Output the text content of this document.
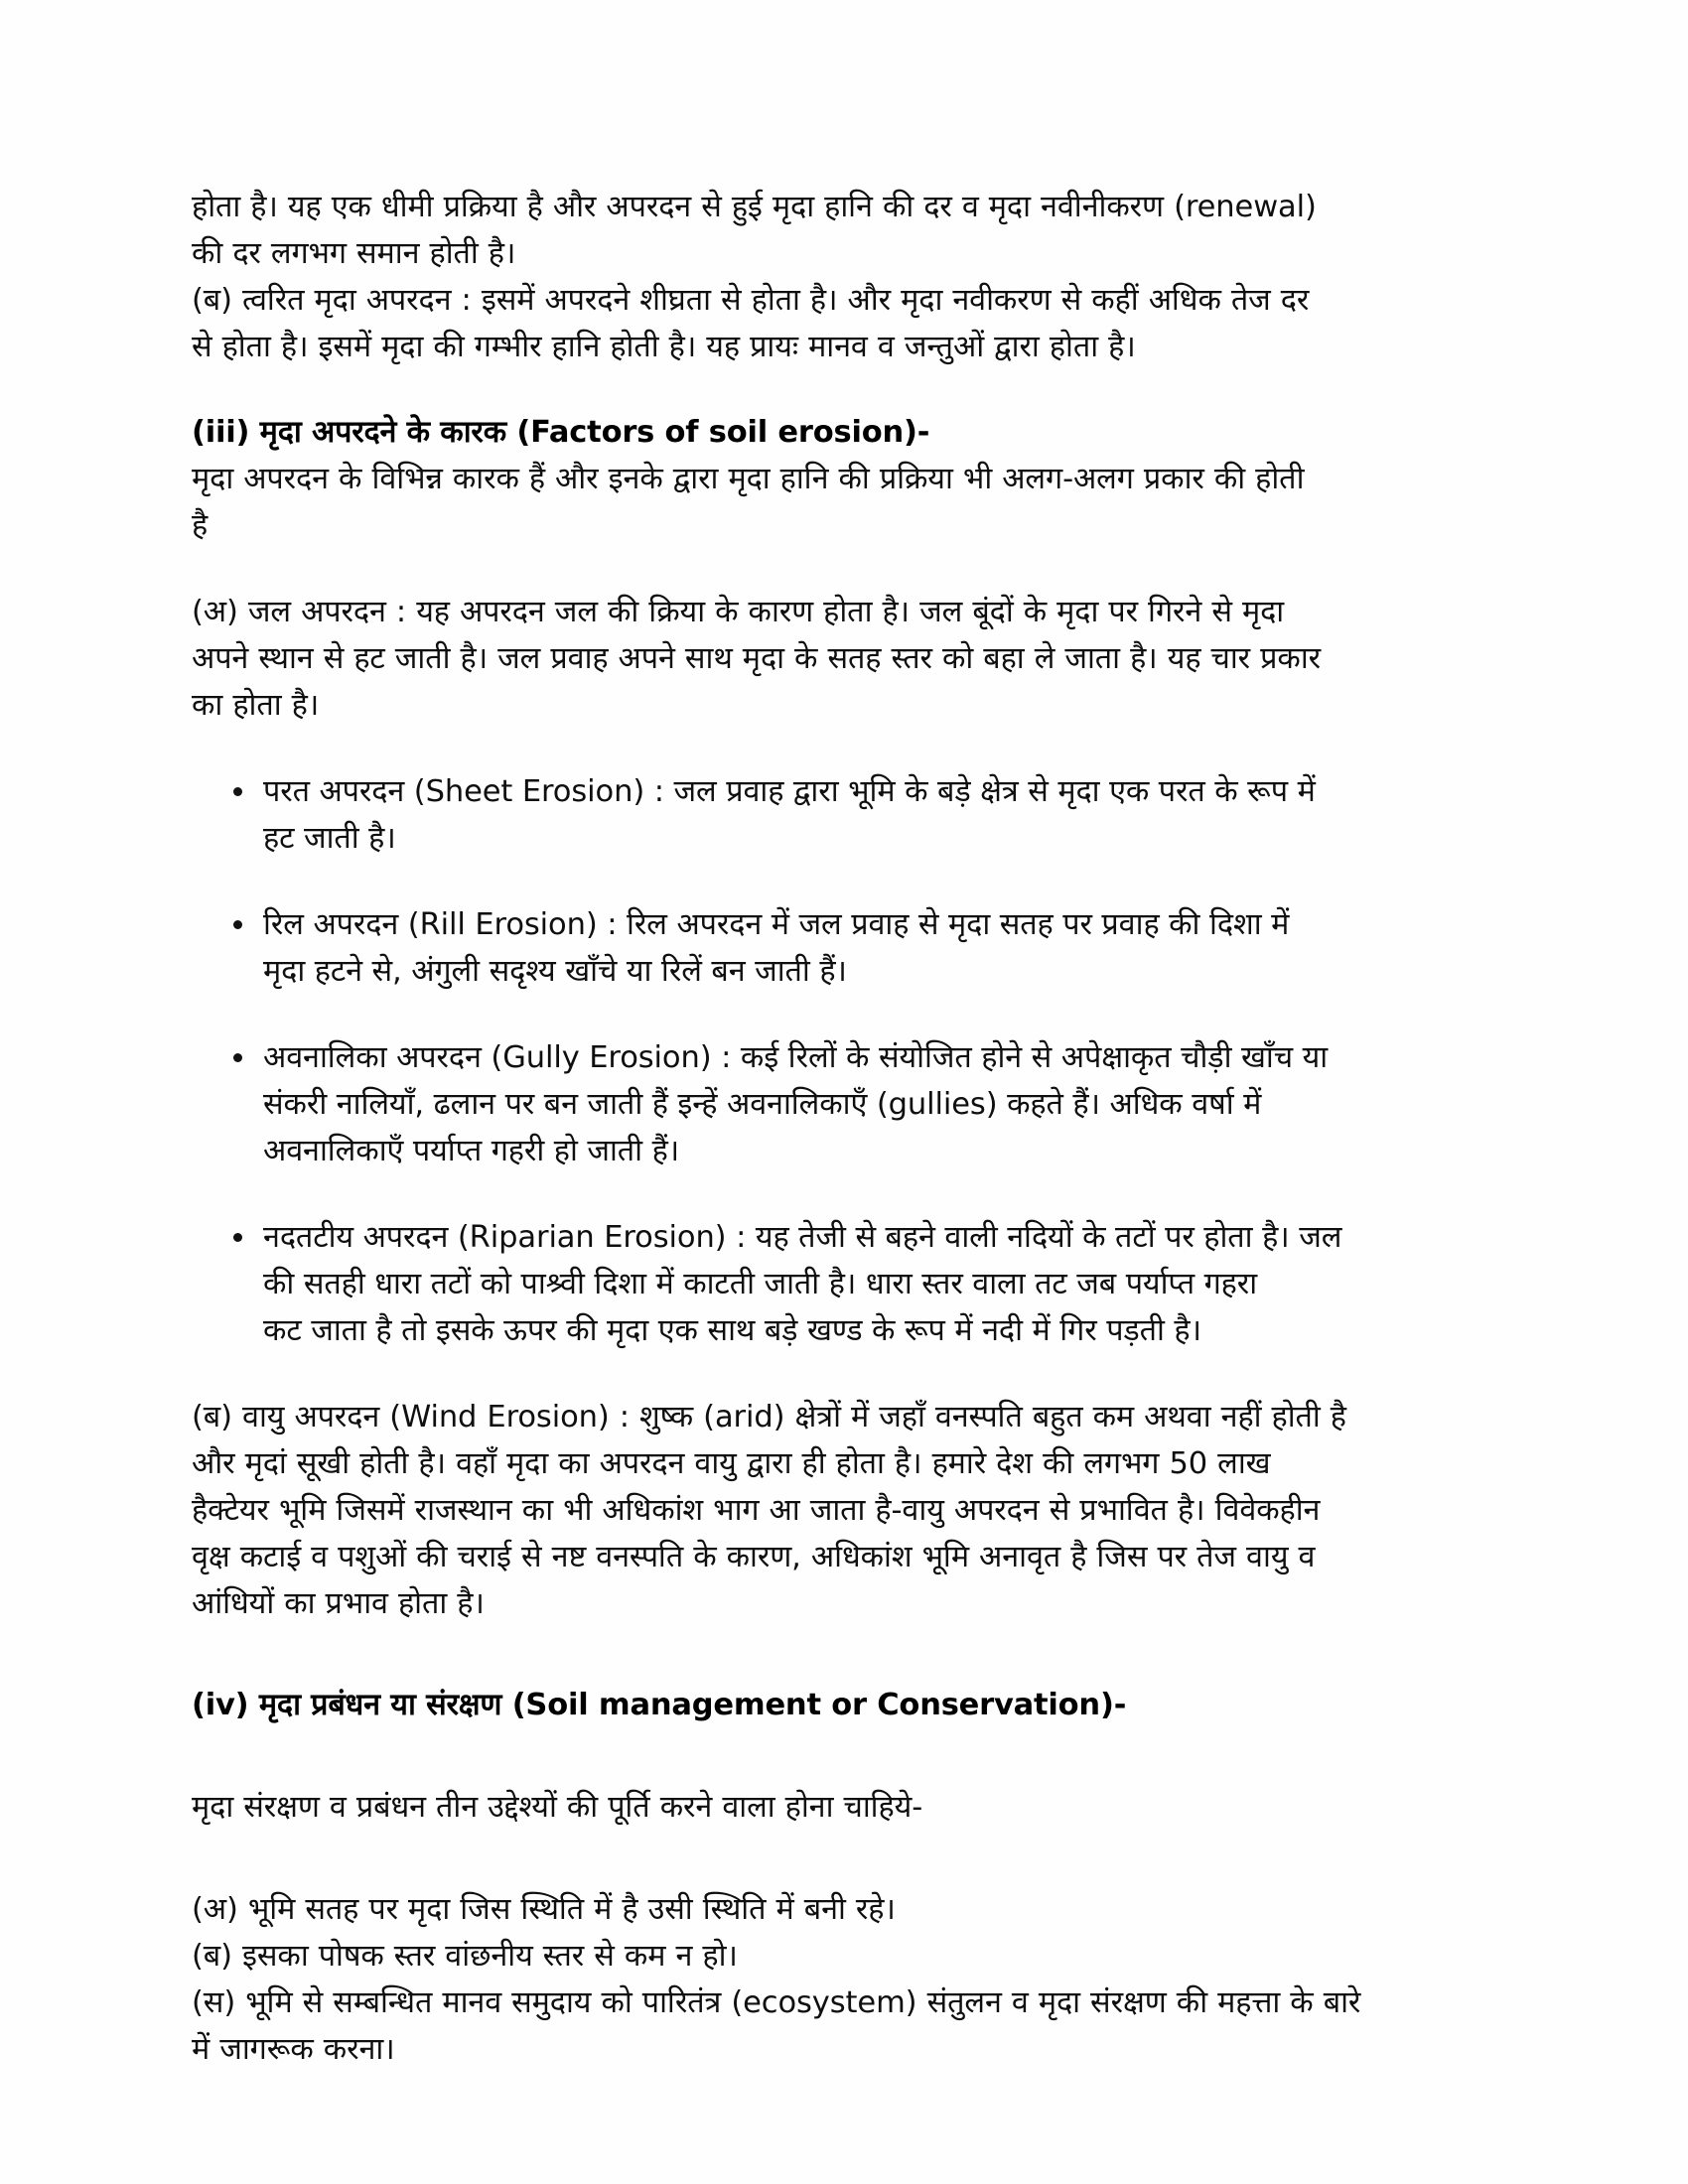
होता है। यह एक धीमी प्रक्रिया है और अपरदन से हुई मृदा हानि की दर व मृदा नवीनीकरण (renewal)
की दर लगभग समान होती है।

(ब) त्वरित मृदा अपरदन : इसमें अपरदने शीघ्रता से होता है। और मृदा नवीकरण से कहीं अधिक तेज दर
से होता है। इसमें मृदा की गम्भीर हानि होती है। यह प्रायः मानव व जन्तुओं द्वारा होता है।

(iii) मृदा अपरदने के कारक (Factors of soil erosion)-

मृदा अपरदन के विभिन्न कारक हैं और इनके द्वारा मृदा हानि की प्रक्रिया भी अलग-अलग प्रकार की होती
है

(अ) जल अपरदन : यह अपरदन जल की क्रिया के कारण होता है। जल बूंदों के मृदा पर गिरने से मृदा
अपने स्थान से हट जाती है। जल प्रवाह अपने साथ मृदा के सतह स्तर को बहा ले जाता है। यह चार प्रकार
का होता है।

परत अपरदन (Sheet Erosion) : जल प्रवाह द्वारा भूमि के बड़े क्षेत्र से मृदा एक परत के रूप में
हट जाती है।
रिल अपरदन (Rill Erosion) : रिल अपरदन में जल प्रवाह से मृदा सतह पर प्रवाह की दिशा में
मृदा हटने से, अंगुली सदृश्य खाँचे या रिलें बन जाती हैं।
अवनालिका अपरदन (Gully Erosion) : कई रिलों के संयोजित होने से अपेक्षाकृत चौड़ी खाँच या
संकरी नालियाँ, ढलान पर बन जाती हैं इन्हें अवनालिकाएँ (gullies) कहते हैं। अधिक वर्षा में
अवनालिकाएँ पर्याप्त गहरी हो जाती हैं।
नदतटीय अपरदन (Riparian Erosion) : यह तेजी से बहने वाली नदियों के तटों पर होता है। जल
की सतही धारा तटों को पाश्र्वी दिशा में काटती जाती है। धारा स्तर वाला तट जब पर्याप्त गहरा
कट जाता है तो इसके ऊपर की मृदा एक साथ बड़े खण्ड के रूप में नदी में गिर पड़ती है।

(ब) वायु अपरदन (Wind Erosion) : शुष्क (arid) क्षेत्रों में जहाँ वनस्पति बहुत कम अथवा नहीं होती है
और मृदां सूखी होती है। वहाँ मृदा का अपरदन वायु द्वारा ही होता है। हमारे देश की लगभग 50 लाख
हैक्टेयर भूमि जिसमें राजस्थान का भी अधिकांश भाग आ जाता है-वायु अपरदन से प्रभावित है। विवेकहीन
वृक्ष कटाई व पशुओं की चराई से नष्ट वनस्पति के कारण, अधिकांश भूमि अनावृत है जिस पर तेज वायु व
आंधियों का प्रभाव होता है।

(iv) मृदा प्रबंधन या संरक्षण (Soil management or Conservation)-

मृदा संरक्षण व प्रबंधन तीन उद्देश्यों की पूर्ति करने वाला होना चाहिये-

(अ) भूमि सतह पर मृदा जिस स्थिति में है उसी स्थिति में बनी रहे।
(ब) इसका पोषक स्तर वांछनीय स्तर से कम न हो।
(स) भूमि से सम्बन्धित मानव समुदाय को पारितंत्र (ecosystem) संतुलन व मृदा संरक्षण की महत्ता के बारे
में जागरूक करना।
